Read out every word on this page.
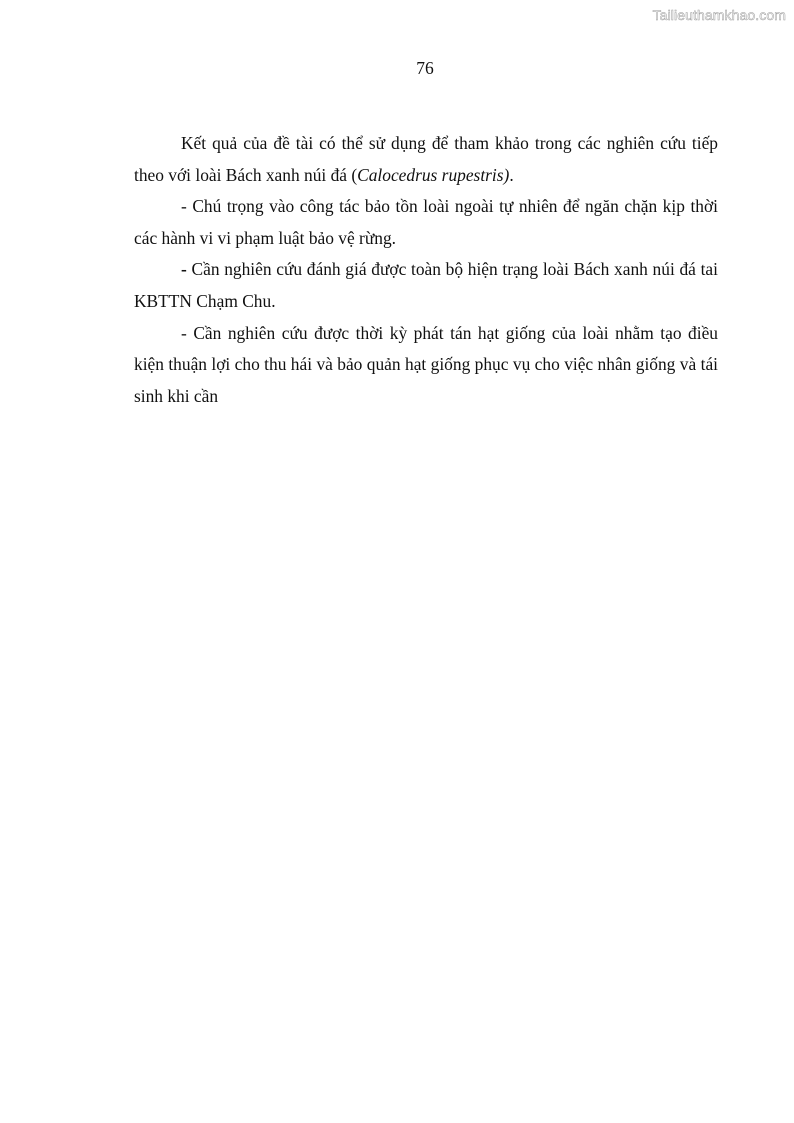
Tailieuthamkhao.com
76

Kết quả của đề tài có thể sử dụng để tham khảo trong các nghiên cứu tiếp theo với loài Bách xanh núi đá (Calocedrus rupestris).

- Chú trọng vào công tác bảo tồn loài ngoài tự nhiên để ngăn chặn kịp thời các hành vi vi phạm luật bảo vệ rừng.

- Cần nghiên cứu đánh giá được toàn bộ hiện trạng loài Bách xanh núi đá tai KBTTN Chạm Chu.

- Cần nghiên cứu được thời kỳ phát tán hạt giống của loài nhằm tạo điều kiện thuận lợi cho thu hái và bảo quản hạt giống phục vụ cho việc nhân giống và tái sinh khi cần
